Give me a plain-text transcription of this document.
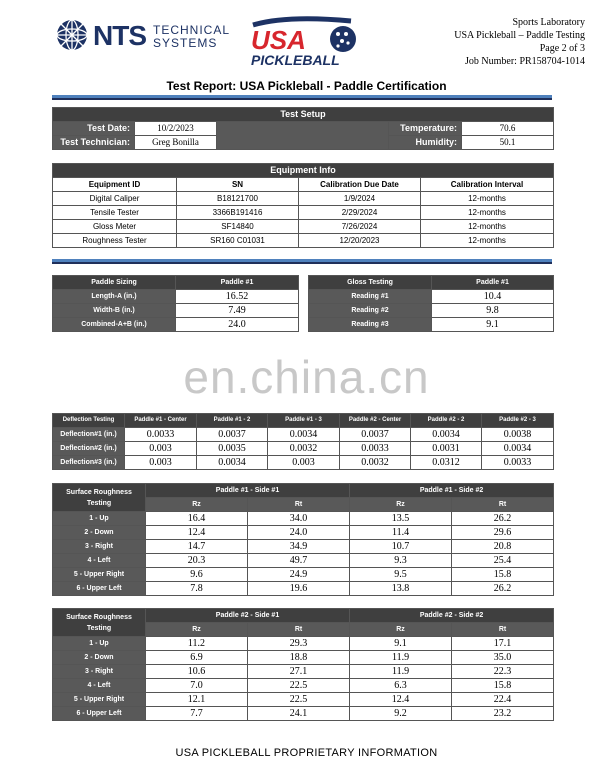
NTS TECHNICAL
SYSTEMS USA
PICKLEBALL
Sports Laboratory
USA Pickleball – Paddle Testing
Page 2 of 3
Job Number: PR158704-1014
Test Report: USA Pickleball - Paddle Certification
Test Setup				
Test Date:	10/2/2023		Temperature:	70.6
Test Technician:	Greg Bonilla		Humidity:	50.1
Equipment Info			
Equipment ID	SN	Calibration Due Date	Calibration Interval
Digital Caliper	B18121700	1/9/2024	12-months
Tensile Tester	3366B191416	2/29/2024	12-months
Gloss Meter	SF14840	7/26/2024	12-months
Roughness Tester	SR160 C01031	12/20/2023	12-months
Paddle Sizing	Paddle #1
Length-A (in.)	16.52
Width-B (in.)	7.49
Combined-A+B (in.)	24.0
Gloss Testing	Paddle #1
Reading #1	10.4
Reading #2	9.8
Reading #3	9.1
en.china.cn
Deflection Testing	Paddle #1 - Center	Paddle #1 - 2	Paddle #1 - 3	Paddle #2 - Center	Paddle #2 - 2	Paddle #2 - 3
Deflection#1 (in.)	0.0033	0.0037	0.0034	0.0037	0.0034	0.0038
Deflection#2 (in.)	0.003	0.0035	0.0032	0.0033	0.0031	0.0034
Deflection#3 (in.)	0.003	0.0034	0.003	0.0032	0.0312	0.0033
Surface Roughness Testing	Paddle #1 - Side #1		Paddle #1 - Side #2	
	Rz	Rt	Rz	Rt
1 - Up	16.4	34.0	13.5	26.2
2 - Down	12.4	24.0	11.4	29.6
3 - Right	14.7	34.9	10.7	20.8
4 - Left	20.3	49.7	9.3	25.4
5 - Upper Right	9.6	24.9	9.5	15.8
6 - Upper Left	7.8	19.6	13.8	26.2
Surface Roughness Testing	Paddle #2 - Side #1		Paddle #2 - Side #2	
	Rz	Rt	Rz	Rt
1 - Up	11.2	29.3	9.1	17.1
2 - Down	6.9	18.8	11.9	35.0
3 - Right	10.6	27.1	11.9	22.3
4 - Left	7.0	22.5	6.3	15.8
5 - Upper Right	12.1	22.5	12.4	22.4
6 - Upper Left	7.7	24.1	9.2	23.2
USA PICKLEBALL PROPRIETARY INFORMATION
